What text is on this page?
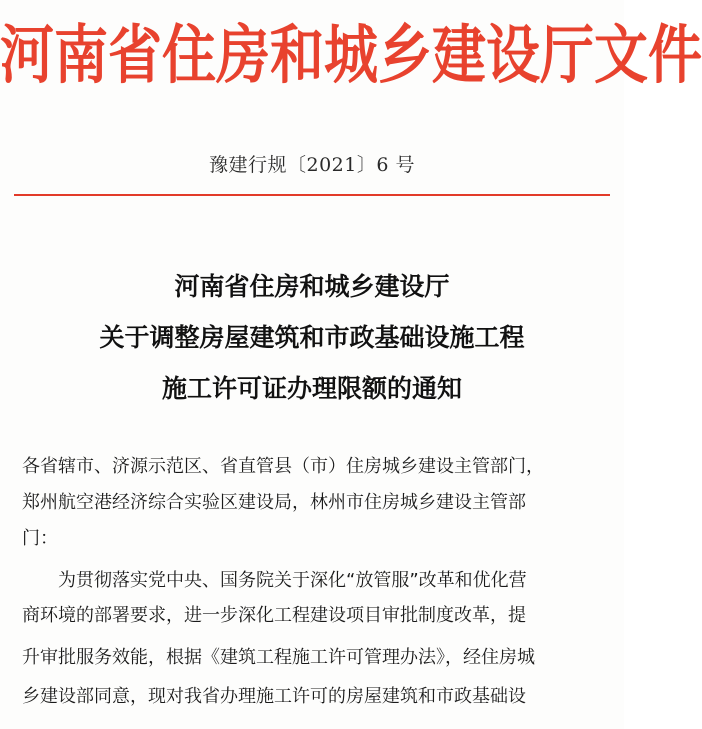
河南省住房和城乡建设厅文件
豫建行规〔2021〕6 号
河南省住房和城乡建设厅
关于调整房屋建筑和市政基础设施工程
施工许可证办理限额的通知
各省辖市、济源示范区、省直管县（市）住房城乡建设主管部门，
郑州航空港经济综合实验区建设局，林州市住房城乡建设主管部
门：
为贯彻落实党中央、国务院关于深化“放管服”改革和优化营
商环境的部署要求，进一步深化工程建设项目审批制度改革，提
升审批服务效能，根据《建筑工程施工许可管理办法》，经住房城
乡建设部同意，现对我省办理施工许可的房屋建筑和市政基础设
